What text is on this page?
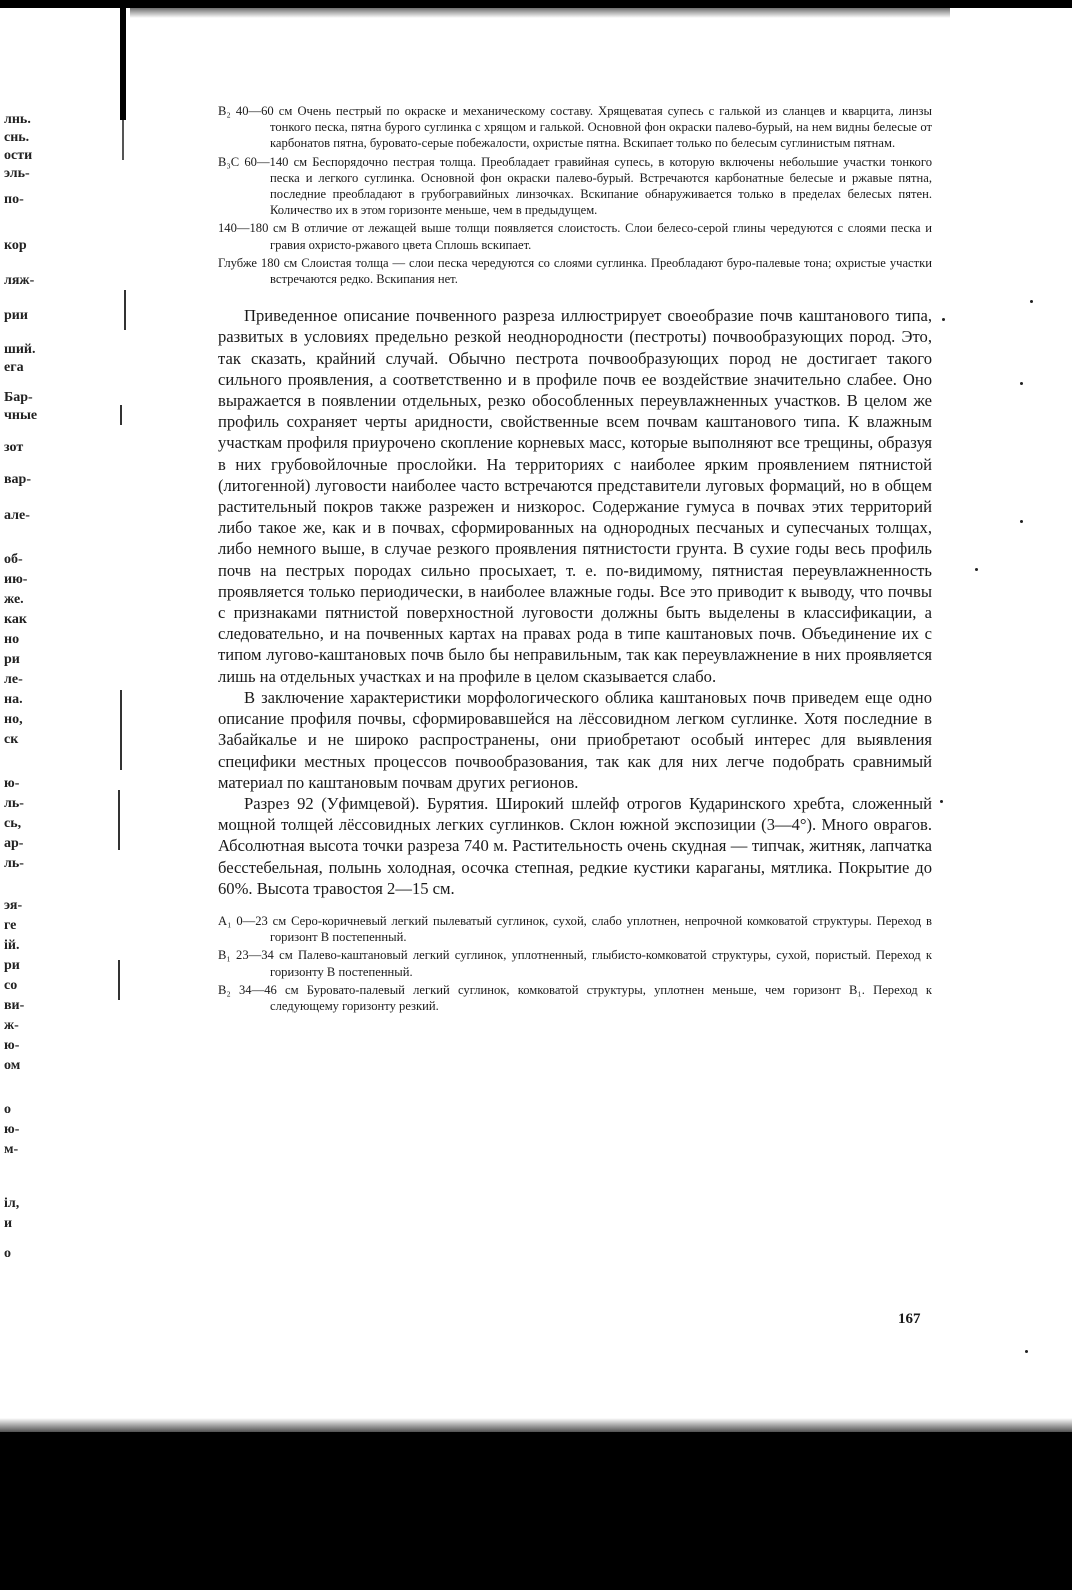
лнь.
снь.
ости
эль-
по-
кор
ляж-
рии
ший.
ега
Бар-
чные
зот
вар-
але-
об-
ию-
же.
как
но
ри
ле-
на.
но,
ск
ю-
ль-
сь,
ар-
ль-
эя-
ге
ій.
ри
со
ви-
ж-
ю-
ом
о
ю-
м-
іл,
и
о

B₂ 40—60 см Очень пестрый по окраске и механическому составу. Хрящеватая супесь с галькой из сланцев и кварцита, линзы тонкого песка, пятна бурого суглинка с хрящом и галькой. Основной фон окраски палево-бурый, на нем видны белесые от карбонатов пятна, буровато-серые побежалости, охристые пятна. Вскипает только по белесым суглинистым пятнам.

B₃C 60—140 см Беспорядочно пестрая толща. Преобладает гравийная супесь, в которую включены небольшие участки тонкого песка и легкого суглинка. Основной фон окраски палево-бурый. Встречаются карбонатные белесые и ржавые пятна, последние преобладают в грубогравийных линзочках. Вскипание обнаруживается только в пределах белесых пятен. Количество их в этом горизонте меньше, чем в предыдущем.

140—180 см В отличие от лежащей выше толщи появляется слоистость. Слои белесо-серой глины чередуются с слоями песка и гравия охристо-ржавого цвета Сплошь вскипает.

Глубже 180 см Слоистая толща — слои песка чередуются со слоями суглинка. Преобладают буро-палевые тона; охристые участки встречаются редко. Вскипания нет.

Приведенное описание почвенного разреза иллюстрирует своеобразие почв каштанового типа, развитых в условиях предельно резкой неоднородности (пестроты) почвообразующих пород. Это, так сказать, крайний случай. Обычно пестрота почвообразующих пород не достигает такого сильного проявления, а соответственно и в профиле почв ее воздействие значительно слабее. Оно выражается в появлении отдельных, резко обособленных переувлажненных участков. В целом же профиль сохраняет черты аридности, свойственные всем почвам каштанового типа. К влажным участкам профиля приурочено скопление корневых масс, которые выполняют все трещины, образуя в них грубовойлочные прослойки. На территориях с наиболее ярким проявлением пятнистой (литогенной) луговости наиболее часто встречаются представители луговых формаций, но в общем растительный покров также разрежен и низкорос. Содержание гумуса в почвах этих территорий либо такое же, как и в почвах, сформированных на однородных песчаных и супесчаных толщах, либо немного выше, в случае резкого проявления пятнистости грунта. В сухие годы весь профиль почв на пестрых породах сильно просыхает, т. е. по-видимому, пятнистая переувлажненность проявляется только периодически, в наиболее влажные годы. Все это приводит к выводу, что почвы с признаками пятнистой поверхностной луговости должны быть выделены в классификации, а следовательно, и на почвенных картах на правах рода в типе каштановых почв. Объединение их с типом лугово-каштановых почв было бы неправильным, так как переувлажнение в них проявляется лишь на отдельных участках и на профиле в целом сказывается слабо.

В заключение характеристики морфологического облика каштановых почв приведем еще одно описание профиля почвы, сформировавшейся на лёссовидном легком суглинке. Хотя последние в Забайкалье и не широко распространены, они приобретают особый интерес для выявления специфики местных процессов почвообразования, так как для них легче подобрать сравнимый материал по каштановым почвам других регионов.

Разрез 92 (Уфимцевой). Бурятия. Широкий шлейф отрогов Кударинского хребта, сложенный мощной толщей лёссовидных легких суглинков. Склон южной экспозиции (3—4°). Много оврагов. Абсолютная высота точки разреза 740 м. Растительность очень скудная — типчак, житняк, лапчатка бесстебельная, полынь холодная, осочка степная, редкие кустики караганы, мятлика. Покрытие до 60%. Высота травостоя 2—15 см.

A₁ 0—23 см Серо-коричневый легкий пылеватый суглинок, сухой, слабо уплотнен, непрочной комковатой структуры. Переход в горизонт B постепенный.

B₁ 23—34 см Палево-каштановый легкий суглинок, уплотненный, глыбисто-комковатой структуры, сухой, пористый. Переход к горизонту B постепенный.

B₂ 34—46 см Буровато-палевый легкий суглинок, комковатой структуры, уплотнен меньше, чем горизонт B₁. Переход к следующему горизонту резкий.

167
